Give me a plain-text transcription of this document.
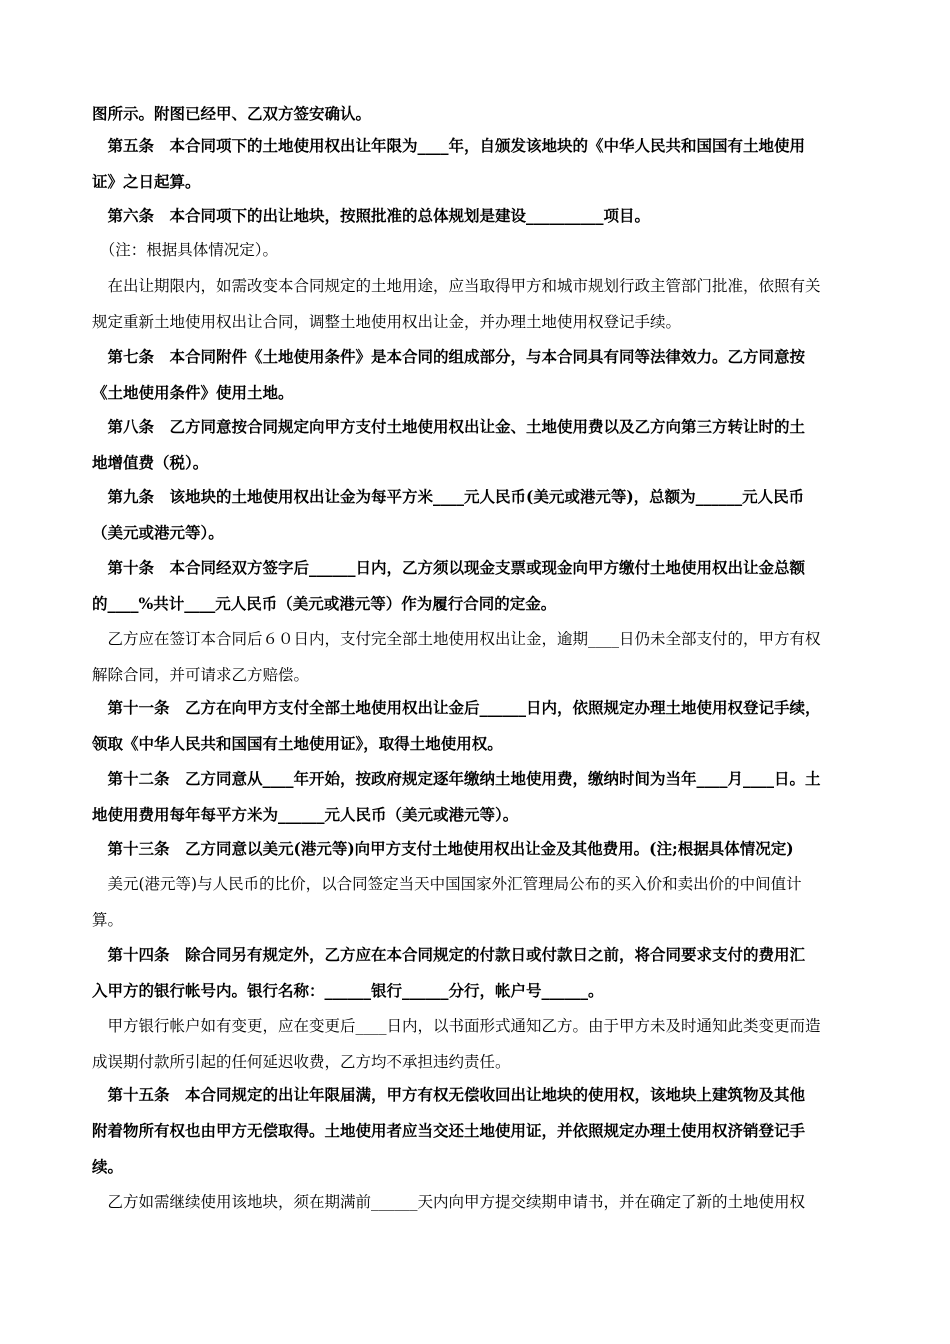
图所示。附图已经甲、乙双方签安确认。
　第五条　本合同项下的土地使用权出让年限为____年，自颁发该地块的《中华人民共和国国有土地使用
证》之日起算。
　第六条　本合同项下的出让地块，按照批准的总体规划是建设__________项目。
　（注：根据具体情况定）。
　在出让期限内，如需改变本合同规定的土地用途，应当取得甲方和城市规划行政主管部门批准，依照有关
规定重新土地使用权出让合同，调整土地使用权出让金，并办理土地使用权登记手续。
　第七条　本合同附件《土地使用条件》是本合同的组成部分，与本合同具有同等法律效力。乙方同意按
《土地使用条件》使用土地。
　第八条　乙方同意按合同规定向甲方支付土地使用权出让金、土地使用费以及乙方向第三方转让时的土
地增值费（税）。
　第九条　该地块的土地使用权出让金为每平方米____元人民币(美元或港元等)，总额为______元人民币
（美元或港元等）。
　第十条　本合同经双方签字后______日内，乙方须以现金支票或现金向甲方缴付土地使用权出让金总额
的____%共计____元人民币（美元或港元等）作为履行合同的定金。
　乙方应在签订本合同后６０日内，支付完全部土地使用权出让金，逾期____日仍未全部支付的，甲方有权
解除合同，并可请求乙方赔偿。
　第十一条　乙方在向甲方支付全部土地使用权出让金后______日内，依照规定办理土地使用权登记手续，
领取《中华人民共和国国有土地使用证》，取得土地使用权。
　第十二条　乙方同意从____年开始，按政府规定逐年缴纳土地使用费，缴纳时间为当年____月____日。土
地使用费用每年每平方米为______元人民币（美元或港元等）。
　第十三条　乙方同意以美元(港元等)向甲方支付土地使用权出让金及其他费用。(注;根据具体情况定)
　美元(港元等)与人民币的比价，以合同签定当天中国国家外汇管理局公布的买入价和卖出价的中间值计
算。
　第十四条　除合同另有规定外，乙方应在本合同规定的付款日或付款日之前，将合同要求支付的费用汇
入甲方的银行帐号内。银行名称：______银行______分行，帐户号______。
　甲方银行帐户如有变更，应在变更后____日内，以书面形式通知乙方。由于甲方未及时通知此类变更而造
成误期付款所引起的任何延迟收费，乙方均不承担违约责任。
　第十五条　本合同规定的出让年限届满，甲方有权无偿收回出让地块的使用权，该地块上建筑物及其他
附着物所有权也由甲方无偿取得。土地使用者应当交还土地使用证，并依照规定办理土使用权济销登记手
续。
　乙方如需继续使用该地块，须在期满前______天内向甲方提交续期申请书，并在确定了新的土地使用权
